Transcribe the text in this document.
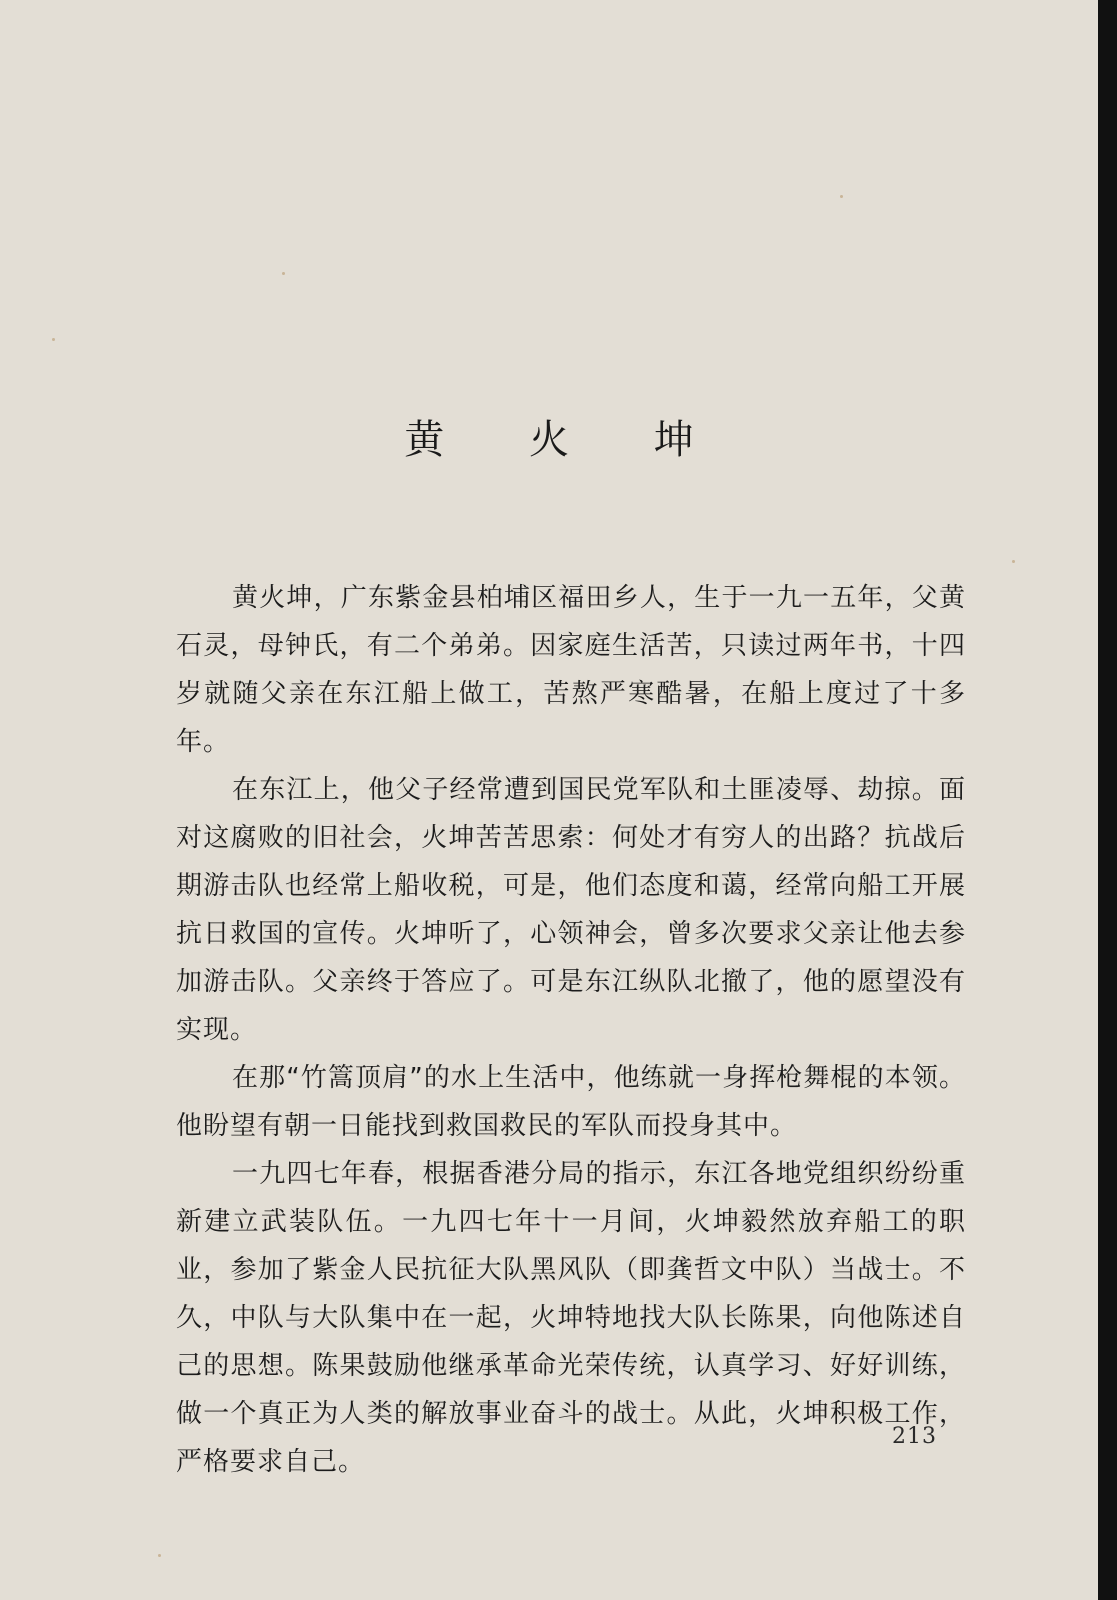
黄 火 坤

黄火坤，广东紫金县柏埔区福田乡人，生于一九一五年，父黄石灵，母钟氏，有二个弟弟。因家庭生活苦，只读过两年书，十四岁就随父亲在东江船上做工，苦熬严寒酷暑，在船上度过了十多年。

在东江上，他父子经常遭到国民党军队和土匪凌辱、劫掠。面对这腐败的旧社会，火坤苦苦思索：何处才有穷人的出路？抗战后期游击队也经常上船收税，可是，他们态度和蔼，经常向船工开展抗日救国的宣传。火坤听了，心领神会，曾多次要求父亲让他去参加游击队。父亲终于答应了。可是东江纵队北撤了，他的愿望没有实现。

在那“竹篙顶肩”的水上生活中，他练就一身挥枪舞棍的本领。他盼望有朝一日能找到救国救民的军队而投身其中。

一九四七年春，根据香港分局的指示，东江各地党组织纷纷重新建立武装队伍。一九四七年十一月间，火坤毅然放弃船工的职业，参加了紫金人民抗征大队黑风队（即龚哲文中队）当战士。不久，中队与大队集中在一起，火坤特地找大队长陈果，向他陈述自己的思想。陈果鼓励他继承革命光荣传统，认真学习、好好训练，做一个真正为人类的解放事业奋斗的战士。从此，火坤积极工作，严格要求自己。

213
